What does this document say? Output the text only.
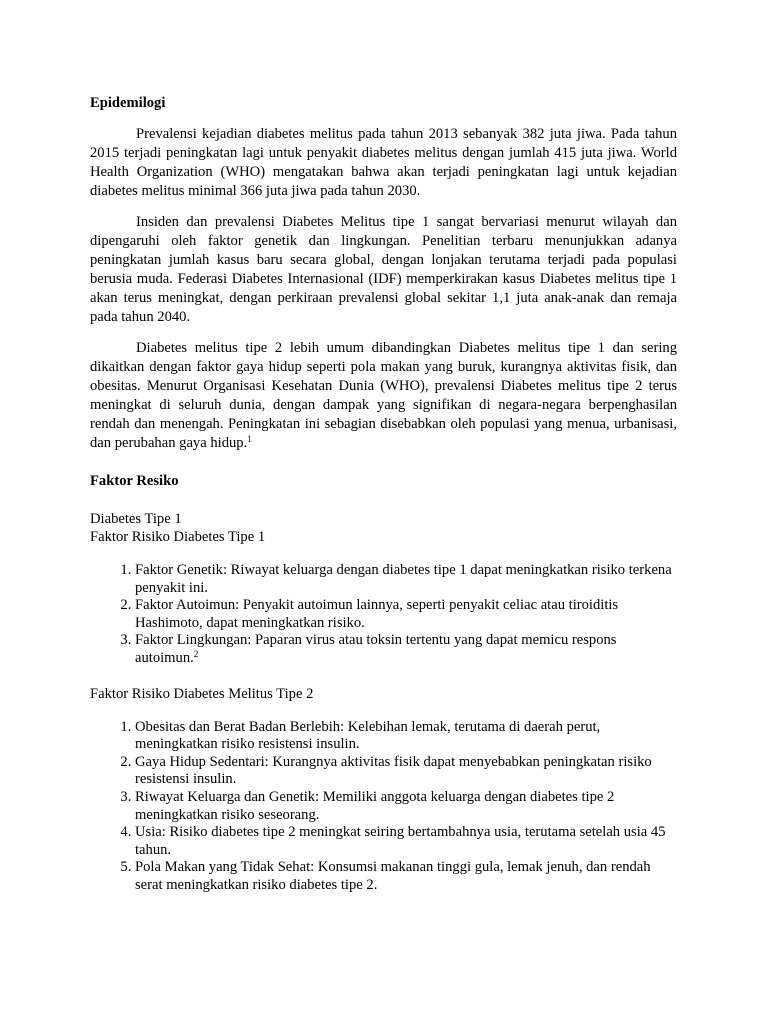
Epidemilogi

Prevalensi kejadian diabetes melitus pada tahun 2013 sebanyak 382 juta jiwa. Pada tahun 2015 terjadi peningkatan lagi untuk penyakit diabetes melitus dengan jumlah 415 juta jiwa. World Health Organization (WHO) mengatakan bahwa akan terjadi peningkatan lagi untuk kejadian diabetes melitus minimal 366 juta jiwa pada tahun 2030.

Insiden dan prevalensi Diabetes Melitus tipe 1 sangat bervariasi menurut wilayah dan dipengaruhi oleh faktor genetik dan lingkungan. Penelitian terbaru menunjukkan adanya peningkatan jumlah kasus baru secara global, dengan lonjakan terutama terjadi pada populasi berusia muda. Federasi Diabetes Internasional (IDF) memperkirakan kasus Diabetes melitus tipe 1 akan terus meningkat, dengan perkiraan prevalensi global sekitar 1,1 juta anak-anak dan remaja pada tahun 2040.

Diabetes melitus tipe 2 lebih umum dibandingkan Diabetes melitus tipe 1 dan sering dikaitkan dengan faktor gaya hidup seperti pola makan yang buruk, kurangnya aktivitas fisik, dan obesitas. Menurut Organisasi Kesehatan Dunia (WHO), prevalensi Diabetes melitus tipe 2 terus meningkat di seluruh dunia, dengan dampak yang signifikan di negara-negara berpenghasilan rendah dan menengah. Peningkatan ini sebagian disebabkan oleh populasi yang menua, urbanisasi, dan perubahan gaya hidup.$^1$

Faktor Resiko
Diabetes Tipe 1
Faktor Risiko Diabetes Tipe 1
1. Faktor Genetik: Riwayat keluarga dengan diabetes tipe 1 dapat meningkatkan risiko terkena penyakit ini.
2. Faktor Autoimun: Penyakit autoimun lainnya, seperti penyakit celiac atau tiroiditis Hashimoto, dapat meningkatkan risiko.
3. Faktor Lingkungan: Paparan virus atau toksin tertentu yang dapat memicu respons autoimun.$^2$
Faktor Risiko Diabetes Melitus Tipe 2
1. Obesitas dan Berat Badan Berlebih: Kelebihan lemak, terutama di daerah perut, meningkatkan risiko resistensi insulin.
2. Gaya Hidup Sedentari: Kurangnya aktivitas fisik dapat menyebabkan peningkatan risiko resistensi insulin.
3. Riwayat Keluarga dan Genetik: Memiliki anggota keluarga dengan diabetes tipe 2 meningkatkan risiko seseorang.
4. Usia: Risiko diabetes tipe 2 meningkat seiring bertambahnya usia, terutama setelah usia 45 tahun.
5. Pola Makan yang Tidak Sehat: Konsumsi makanan tinggi gula, lemak jenuh, dan rendah serat meningkatkan risiko diabetes tipe 2.
